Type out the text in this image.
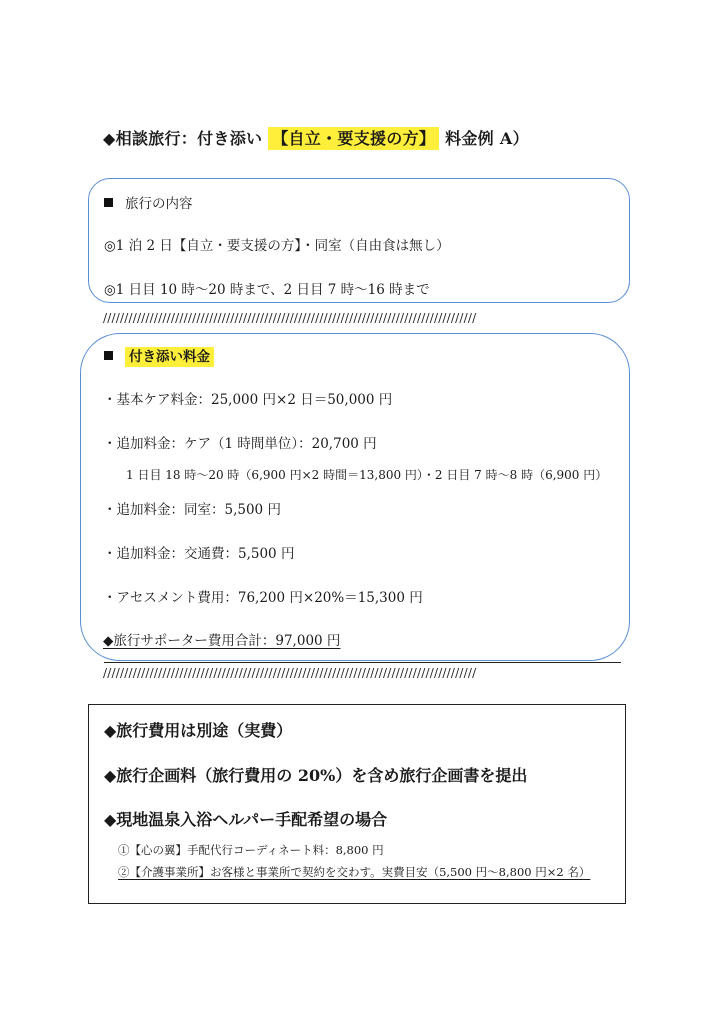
◆相談旅行：付き添い 【自立・要支援の方】 料金例 A）
旅行の内容
◎1 泊 2 日【自立・要支援の方】・同室（自由食は無し）
◎1 日目 10 時〜20 時まで、2 日目 7 時〜16 時まで
////////////////////////////////////////////////////////////////////////////////////////
付き添い料金
・基本ケア料金：25,000 円×2 日＝50,000 円
・追加料金：ケア（1 時間単位）：20,700 円
1 日目 18 時〜20 時（6,900 円×2 時間＝13,800 円）・2 日目 7 時〜8 時（6,900 円）
・追加料金：同室：5,500 円
・追加料金：交通費：5,500 円
・アセスメント費用：76,200 円×20%＝15,300 円
◆旅行サポーター費用合計：97,000 円
////////////////////////////////////////////////////////////////////////////////////////
◆旅行費用は別途（実費）
◆旅行企画料（旅行費用の 20%）を含め旅行企画書を提出
◆現地温泉入浴ヘルパー手配希望の場合
①【心の翼】手配代行コーディネート料：8,800 円
②【介護事業所】お客様と事業所で契約を交わす。実費目安（5,500 円〜8,800 円×2 名）
